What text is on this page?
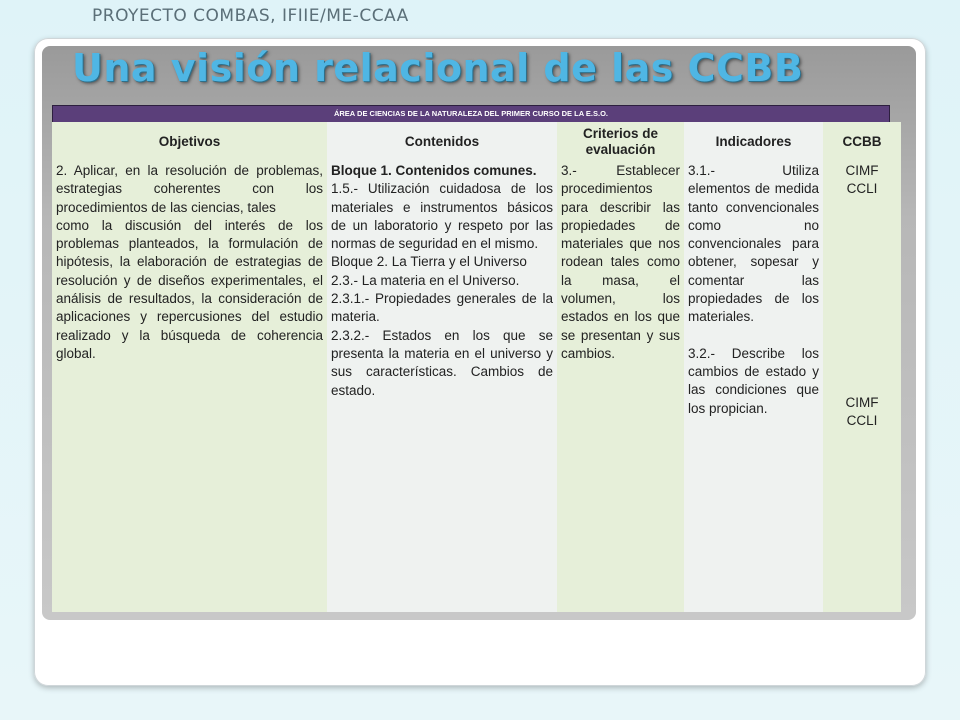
PROYECTO COMBAS, IFIIE/ME-CCAA
Una visión relacional de las CCBB
ÁREA DE CIENCIAS DE LA NATURALEZA DEL PRIMER CURSO DE LA E.S.O.
Objetivos

2. Aplicar, en la resolución de problemas, estrategias coherentes con los procedimientos de las ciencias, tales

como la discusión del interés de los problemas planteados, la formulación de hipótesis, la elaboración de estrategias de resolución y de diseños experimentales, el análisis de resultados, la consideración de aplicaciones y repercusiones del estudio realizado y la búsqueda de coherencia global.

Contenidos

Bloque 1. Contenidos comunes.

1.5.- Utilización cuidadosa de los materiales e instrumentos básicos de un laboratorio y respeto por las normas de seguridad en el mismo.

Bloque 2. La Tierra y el Universo

2.3.- La materia en el Universo.

2.3.1.- Propiedades generales de la materia.

2.3.2.- Estados en los que se presenta la materia en el universo y sus características. Cambios de estado.

Criterios de evaluación

3.- Establecer procedimientos para describir las propiedades de materiales que nos rodean tales como la masa, el volumen, los estados en los que se presentan y sus cambios.

Indicadores

3.1.- Utiliza elementos de medida tanto convencionales como no convencionales para obtener, sopesar y comentar las propiedades de los materiales.

3.2.- Describe los cambios de estado y las condiciones que los propician.

CCBB

CIMF

CCLI

CIMF

CCLI
